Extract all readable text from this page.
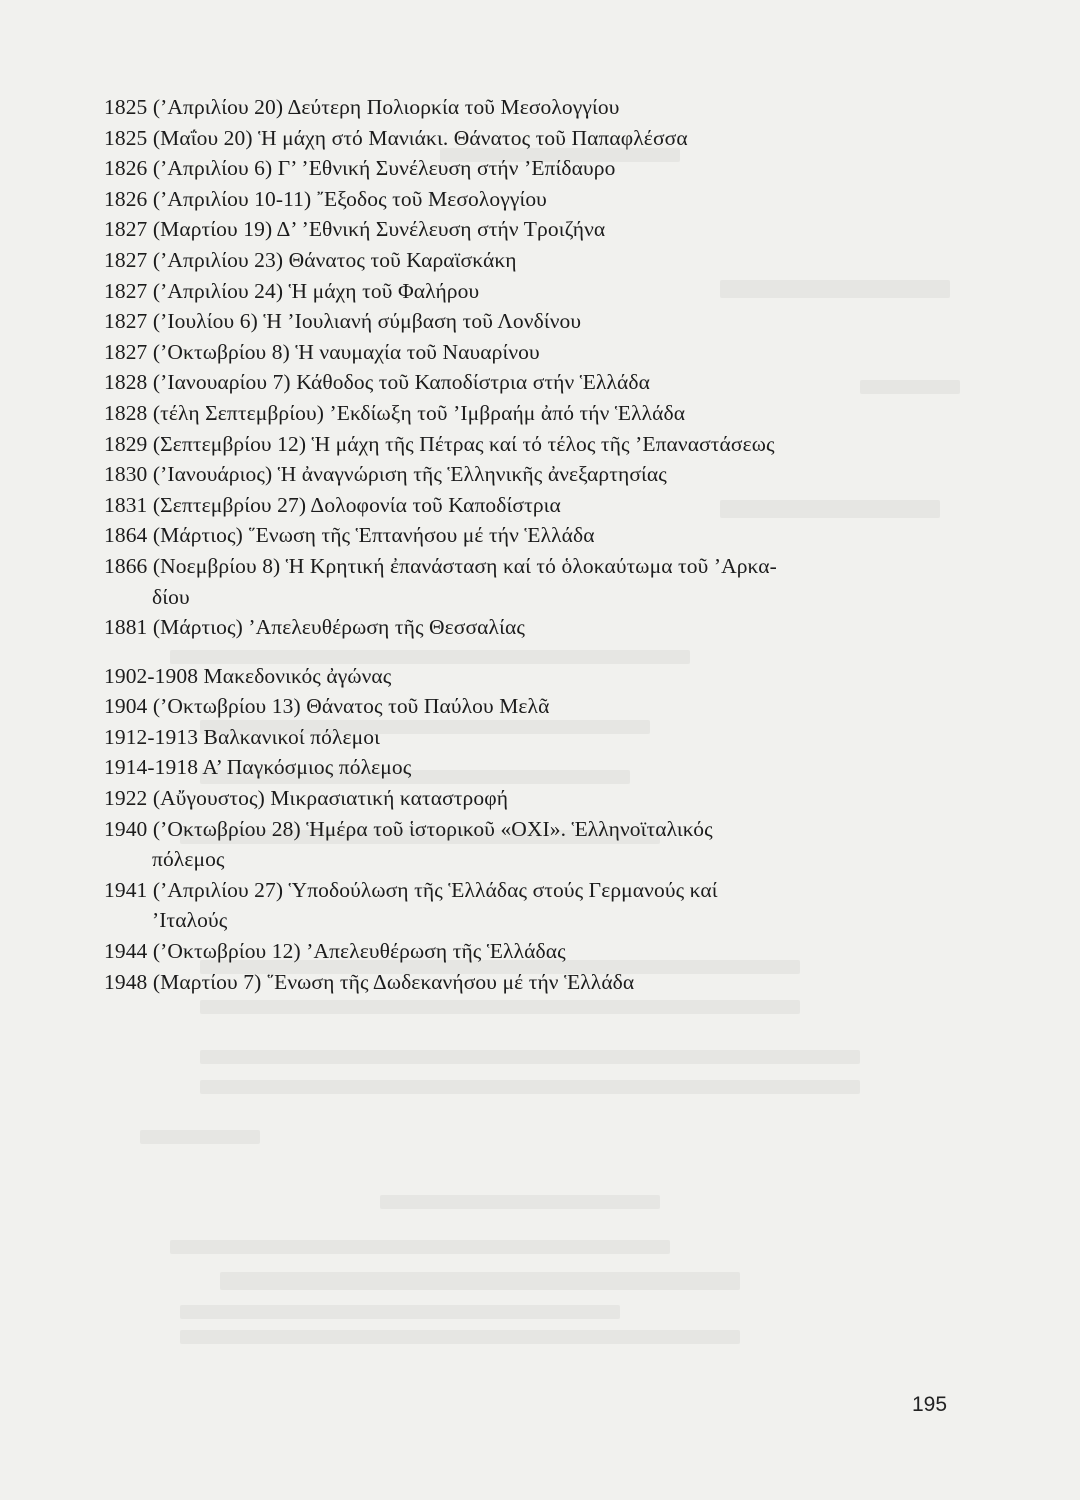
1825 (’Απριλίου 20) Δεύτερη Πολιορκία τοῦ Μεσολογγίου
1825 (Μαΐου 20) Ἡ μάχη στό Μανιάκι. Θάνατος τοῦ Παπαφλέσσα
1826 (’Απριλίου 6) Γ’ ’Εθνική Συνέλευση στήν ’Επίδαυρο
1826 (’Απριλίου 10-11) ῎Εξοδος τοῦ Μεσολογγίου
1827 (Μαρτίου 19) Δ’ ’Εθνική Συνέλευση στήν Τροιζήνα
1827 (’Απριλίου 23) Θάνατος τοῦ Καραϊσκάκη
1827 (’Απριλίου 24) Ἡ μάχη τοῦ Φαλήρου
1827 (’Ιουλίου 6) Ἡ ’Ιουλιανή σύμβαση τοῦ Λονδίνου
1827 (’Οκτωβρίου 8) Ἡ ναυμαχία τοῦ Ναυαρίνου
1828 (’Ιανουαρίου 7) Κάθοδος τοῦ Καποδίστρια στήν Ἑλλάδα
1828 (τέλη Σεπτεμβρίου) ’Εκδίωξη τοῦ ’Ιμβραήμ ἀπό τήν Ἑλλάδα
1829 (Σεπτεμβρίου 12) Ἡ μάχη τῆς Πέτρας καί τό τέλος τῆς ’Επαναστάσεως
1830 (’Ιανουάριος) Ἡ ἀναγνώριση τῆς Ἑλληνικῆς ἀνεξαρτησίας
1831 (Σεπτεμβρίου 27) Δολοφονία τοῦ Καποδίστρια
1864 (Μάρτιος) ῞Ενωση τῆς Ἑπτανήσου μέ τήν Ἑλλάδα
1866 (Νοεμβρίου 8) Ἡ Κρητική ἐπανάσταση καί τό ὁλοκαύτωμα τοῦ ’Αρκα-
δίου
1881 (Μάρτιος) ’Απελευθέρωση τῆς Θεσσαλίας
1902-1908 Μακεδονικός ἀγώνας
1904 (’Οκτωβρίου 13) Θάνατος τοῦ Παύλου Μελᾶ
1912-1913 Βαλκανικοί πόλεμοι
1914-1918 Α’ Παγκόσμιος πόλεμος
1922 (Αὔγουστος) Μικρασιατική καταστροφή
1940 (’Οκτωβρίου 28) Ἡμέρα τοῦ ἱστορικοῦ «ΟΧΙ». Ἑλληνοϊταλικός
πόλεμος
1941 (’Απριλίου 27) Ὑποδούλωση τῆς Ἑλλάδας στούς Γερμανούς καί
’Ιταλούς
1944 (’Οκτωβρίου 12) ’Απελευθέρωση τῆς Ἑλλάδας
1948 (Μαρτίου 7) ῞Ενωση τῆς Δωδεκανήσου μέ τήν Ἑλλάδα
195
